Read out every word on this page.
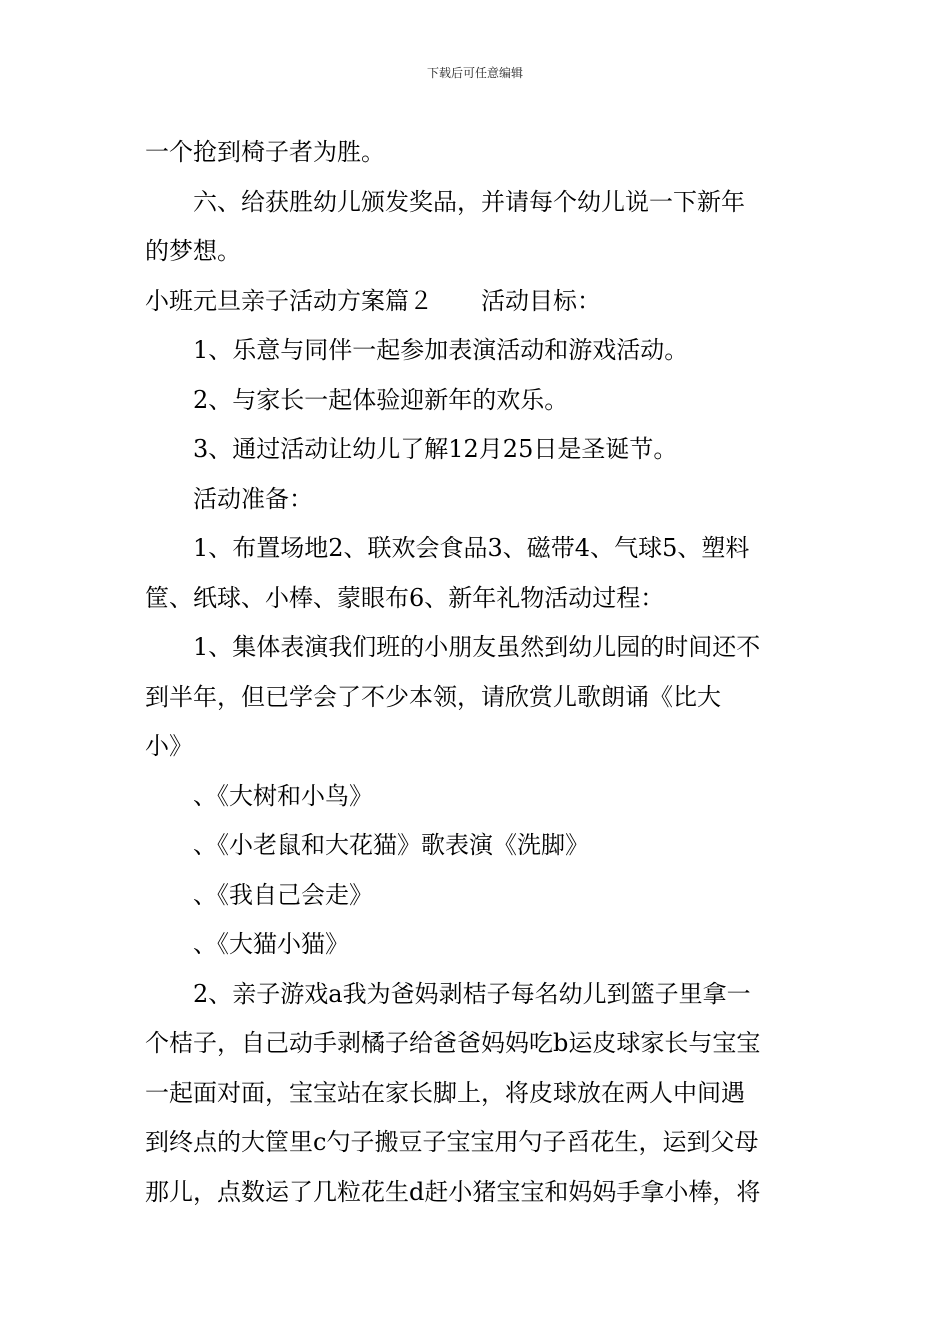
下载后可任意编辑
一个抢到椅子者为胜。
六、给获胜幼儿颁发奖品，并请每个幼儿说一下新年
的梦想。
小班元旦亲子活动方案篇２ 活动目标：
1、乐意与同伴一起参加表演活动和游戏活动。
2、与家长一起体验迎新年的欢乐。
3、通过活动让幼儿了解12月25日是圣诞节。
活动准备：
1、布置场地2、联欢会食品3、磁带4、气球5、塑料
筐、纸球、小棒、蒙眼布6、新年礼物活动过程：
1、集体表演我们班的小朋友虽然到幼儿园的时间还不
到半年，但已学会了不少本领，请欣赏儿歌朗诵《比大
小》
、《大树和小鸟》
、《小老鼠和大花猫》歌表演《洗脚》
、《我自己会走》
、《大猫小猫》
2、亲子游戏a我为爸妈剥桔子每名幼儿到篮子里拿一
个桔子，自己动手剥橘子给爸爸妈妈吃b运皮球家长与宝宝
一起面对面，宝宝站在家长脚上，将皮球放在两人中间遇
到终点的大筐里c勺子搬豆子宝宝用勺子舀花生，运到父母
那儿，点数运了几粒花生d赶小猪宝宝和妈妈手拿小棒，将
